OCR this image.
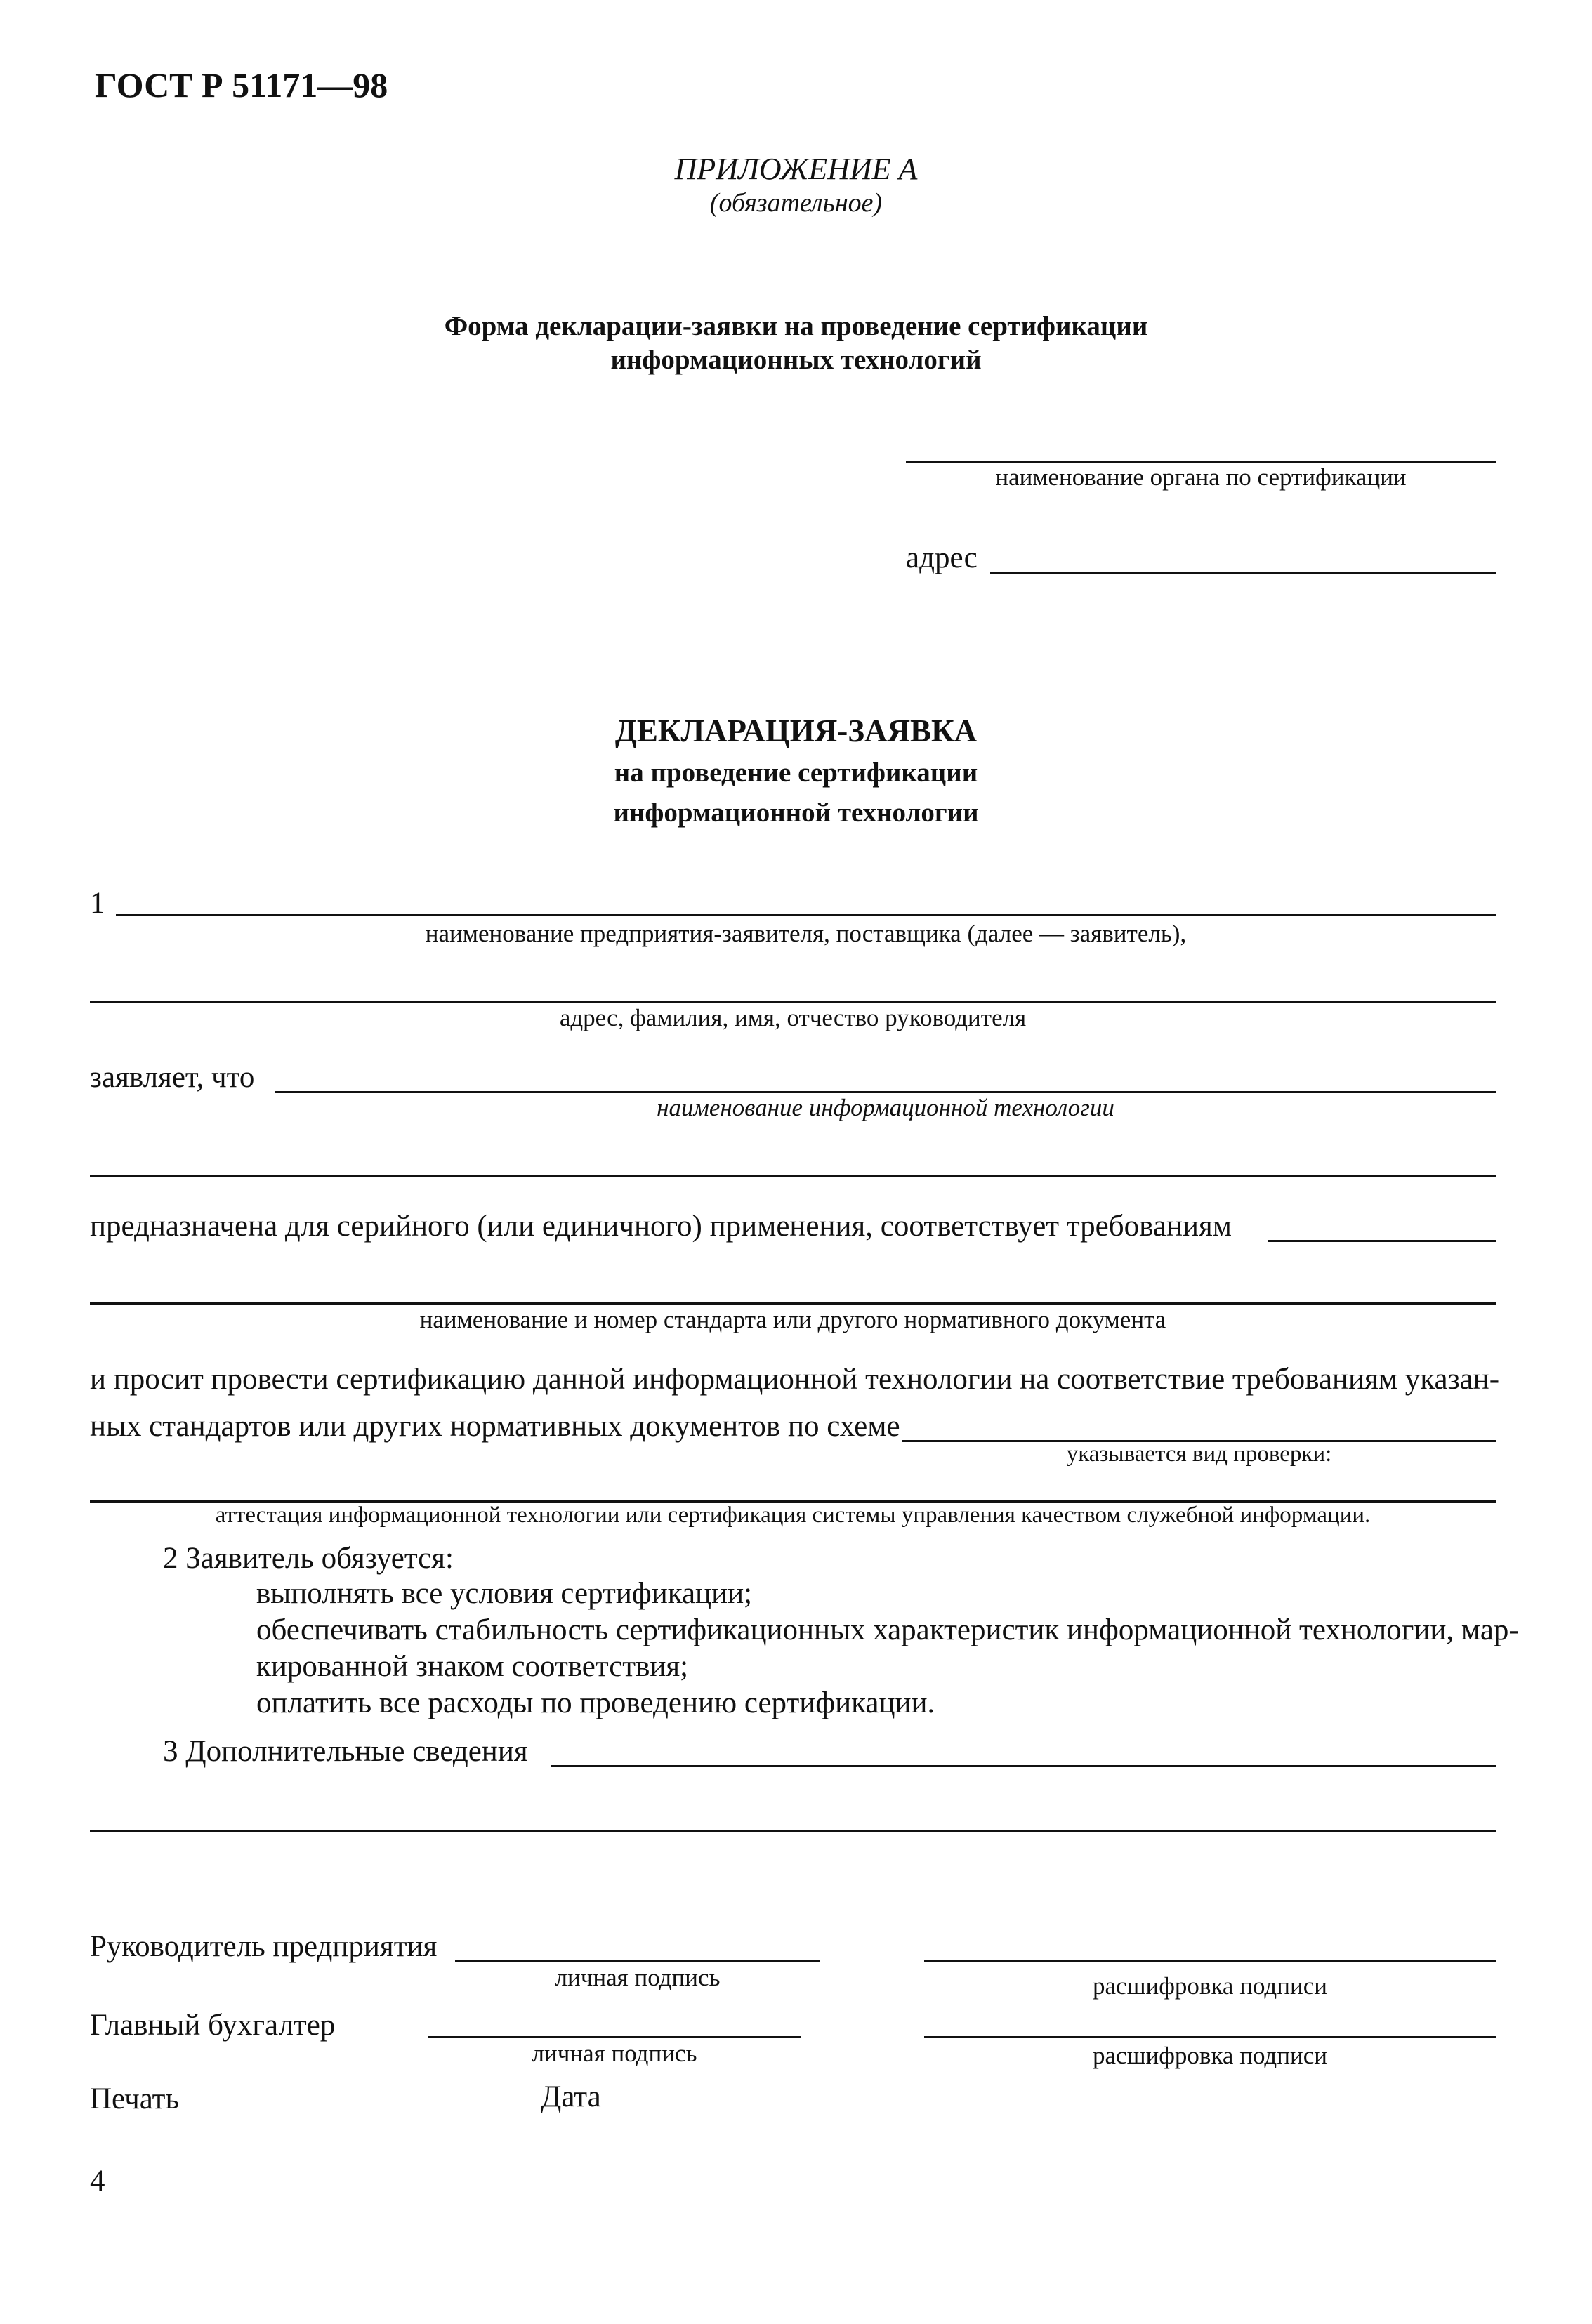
ГОСТ Р 51171—98
ПРИЛОЖЕНИЕ А
(обязательное)
Форма декларации-заявки на проведение сертификации
информационных технологий
наименование органа по сертификации
адрес
ДЕКЛАРАЦИЯ-ЗАЯВКА
на проведение сертификации
информационной технологии
1
наименование предприятия-заявителя, поставщика (далее — заявитель),
адрес, фамилия, имя, отчество руководителя
заявляет, что
наименование информационной технологии
предназначена для серийного (или единичного) применения, соответствует требованиям
наименование и номер стандарта или другого нормативного документа
и просит провести сертификацию данной информационной технологии на соответствие требованиям указан-
ных стандартов или других нормативных документов по схеме
указывается вид проверки:
аттестация информационной технологии или сертификация системы управления качеством служебной информации.
2 Заявитель обязуется:
выполнять все условия сертификации;
обеспечивать стабильность сертификационных характеристик информационной технологии, мар-
кированной знаком соответствия;
оплатить все расходы по проведению сертификации.
3 Дополнительные сведения
Руководитель предприятия
личная подпись	расшифровка подписи
Главный бухгалтер
личная подпись	расшифровка подписи
Печать	Дата
4
